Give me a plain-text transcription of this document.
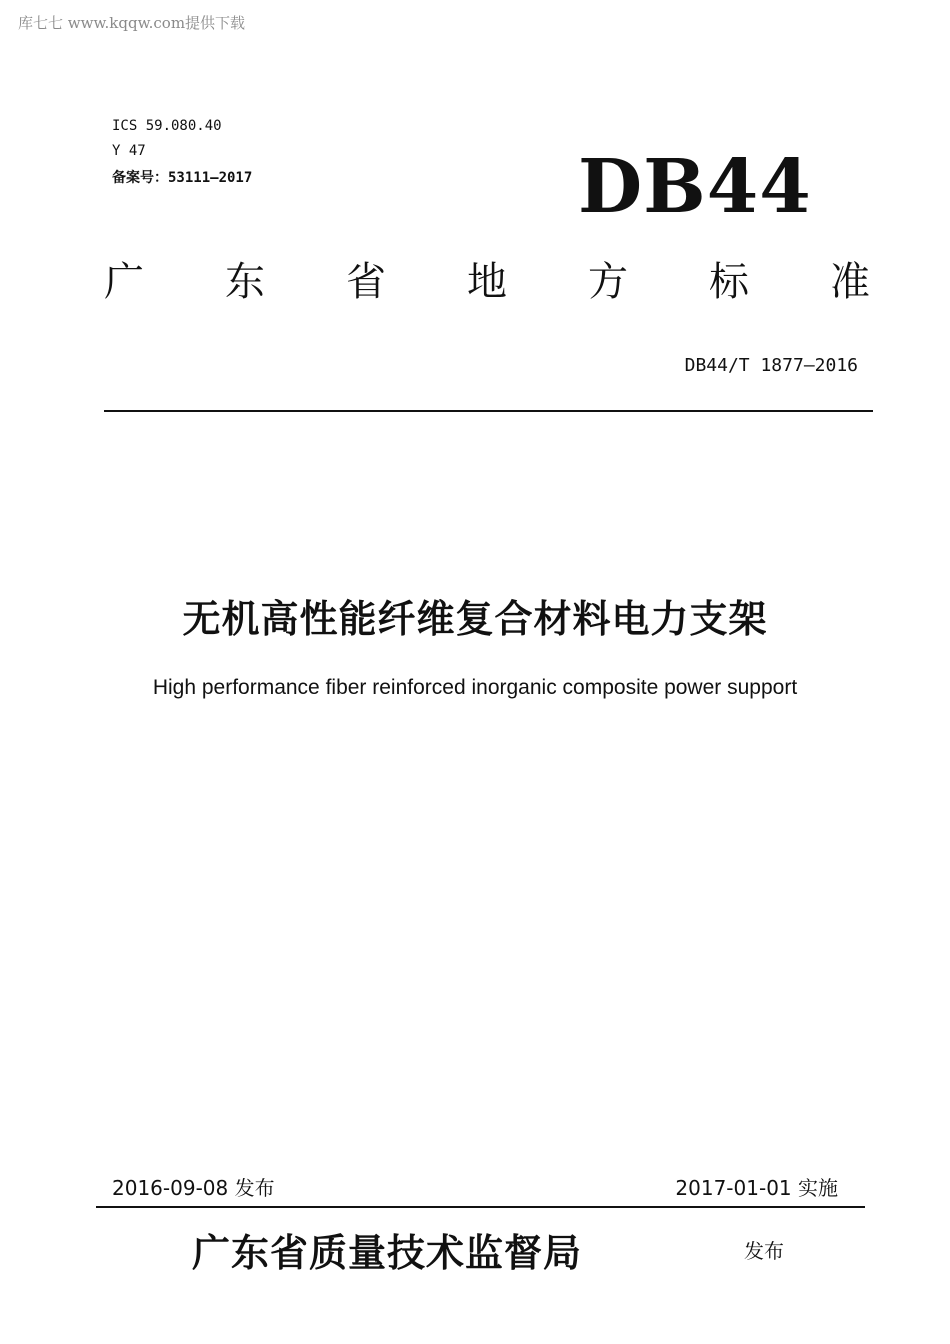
库七七 www.kqqw.com提供下载
ICS 59.080.40
Y 47
备案号：53111—2017	DB44
广 东 省 地 方 标 准
DB44/T 1877—2016
无机高性能纤维复合材料电力支架
High performance fiber reinforced inorganic composite power support
2016-09-08 发布	2017-01-01 实施
广东省质量技术监督局	发布
